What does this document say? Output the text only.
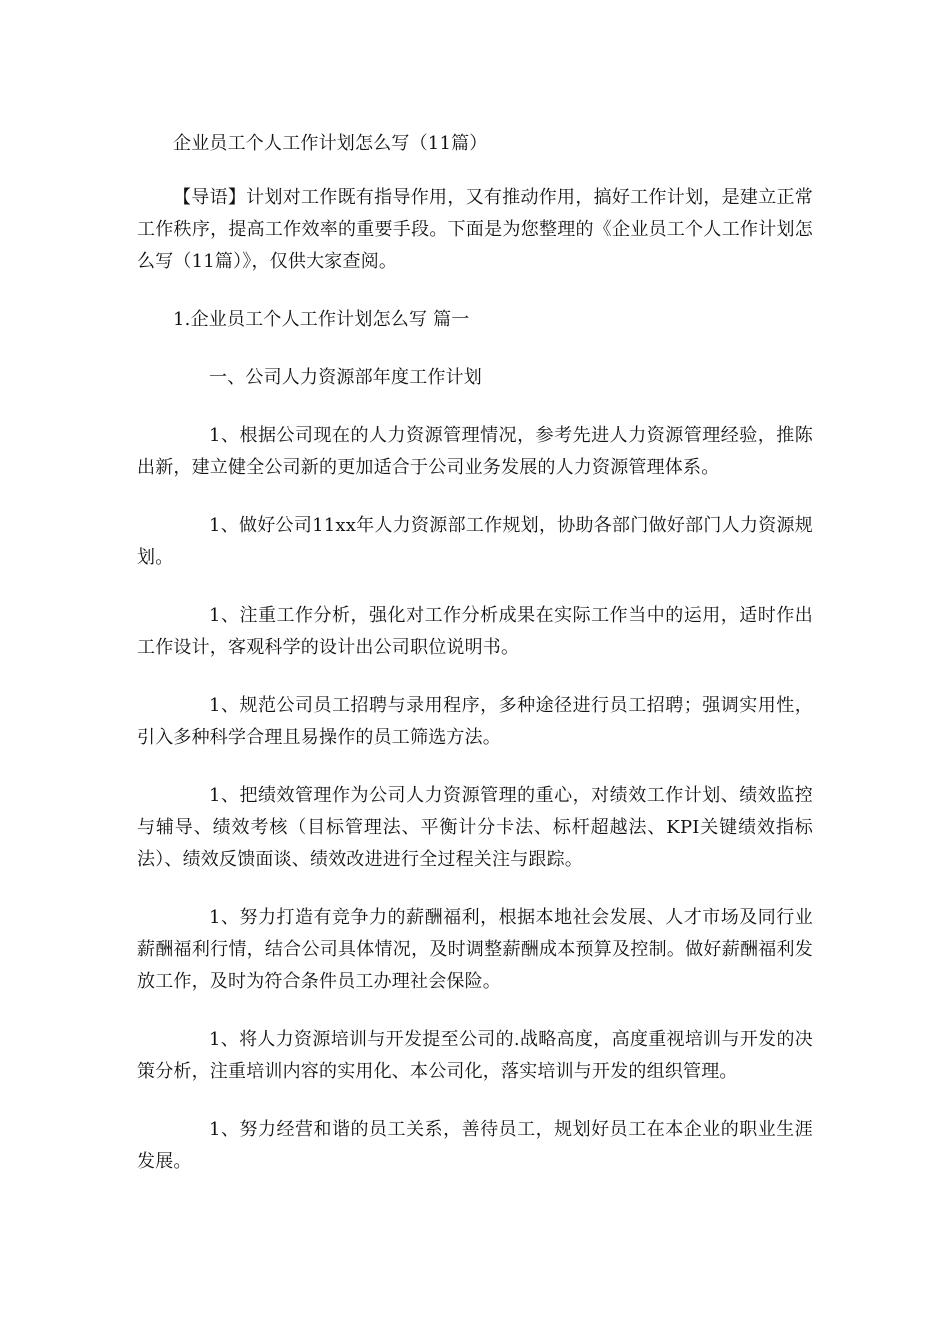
企业员工个人工作计划怎么写（11篇）

【导语】计划对工作既有指导作用，又有推动作用，搞好工作计划，是建立正常工作秩序，提高工作效率的重要手段。下面是为您整理的《企业员工个人工作计划怎么写（11篇）》，仅供大家查阅。

1.企业员工个人工作计划怎么写 篇一
一、公司人力资源部年度工作计划

1、根据公司现在的人力资源管理情况，参考先进人力资源管理经验，推陈出新，建立健全公司新的更加适合于公司业务发展的人力资源管理体系。

1、做好公司11xx年人力资源部工作规划，协助各部门做好部门人力资源规划。

1、注重工作分析，强化对工作分析成果在实际工作当中的运用，适时作出工作设计，客观科学的设计出公司职位说明书。

1、规范公司员工招聘与录用程序，多种途径进行员工招聘；强调实用性，引入多种科学合理且易操作的员工筛选方法。

1、把绩效管理作为公司人力资源管理的重心，对绩效工作计划、绩效监控与辅导、绩效考核（目标管理法、平衡计分卡法、标杆超越法、KPI关键绩效指标法）、绩效反馈面谈、绩效改进进行全过程关注与跟踪。

1、努力打造有竞争力的薪酬福利，根据本地社会发展、人才市场及同行业薪酬福利行情，结合公司具体情况，及时调整薪酬成本预算及控制。做好薪酬福利发放工作，及时为符合条件员工办理社会保险。

1、将人力资源培训与开发提至公司的.战略高度，高度重视培训与开发的决策分析，注重培训内容的实用化、本公司化，落实培训与开发的组织管理。

1、努力经营和谐的员工关系，善待员工，规划好员工在本企业的职业生涯发展。
